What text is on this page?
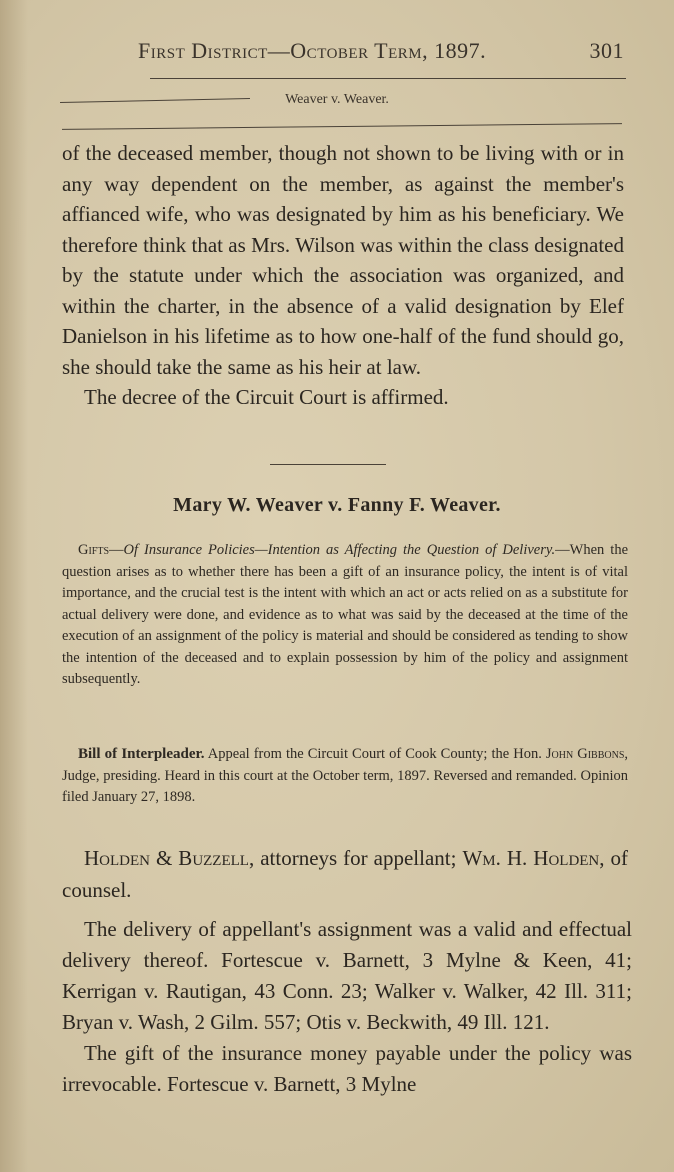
First District—October Term, 1897.	301
Weaver v. Weaver.

of the deceased member, though not shown to be living with or in any way dependent on the member, as against the member's affianced wife, who was designated by him as his beneficiary. We therefore think that as Mrs. Wilson was within the class designated by the statute under which the association was organized, and within the charter, in the absence of a valid designation by Elef Danielson in his lifetime as to how one-half of the fund should go, she should take the same as his heir at law.

The decree of the Circuit Court is affirmed.

Mary W. Weaver v. Fanny F. Weaver.
Gifts—Of Insurance Policies—Intention as Affecting the Question of Delivery.—When the question arises as to whether there has been a gift of an insurance policy, the intent is of vital importance, and the crucial test is the intent with which an act or acts relied on as a substitute for actual delivery were done, and evidence as to what was said by the deceased at the time of the execution of an assignment of the policy is material and should be considered as tending to show the intention of the deceased and to explain possession by him of the policy and assignment subsequently.
Bill of Interpleader. Appeal from the Circuit Court of Cook County; the Hon. John Gibbons, Judge, presiding. Heard in this court at the October term, 1897. Reversed and remanded. Opinion filed January 27, 1898.
Holden & Buzzell, attorneys for appellant; Wm. H. Holden, of counsel.

The delivery of appellant's assignment was a valid and effectual delivery thereof. Fortescue v. Barnett, 3 Mylne & Keen, 41; Kerrigan v. Rautigan, 43 Conn. 23; Walker v. Walker, 42 Ill. 311; Bryan v. Wash, 2 Gilm. 557; Otis v. Beckwith, 49 Ill. 121.

The gift of the insurance money payable under the policy was irrevocable. Fortescue v. Barnett, 3 Mylne
